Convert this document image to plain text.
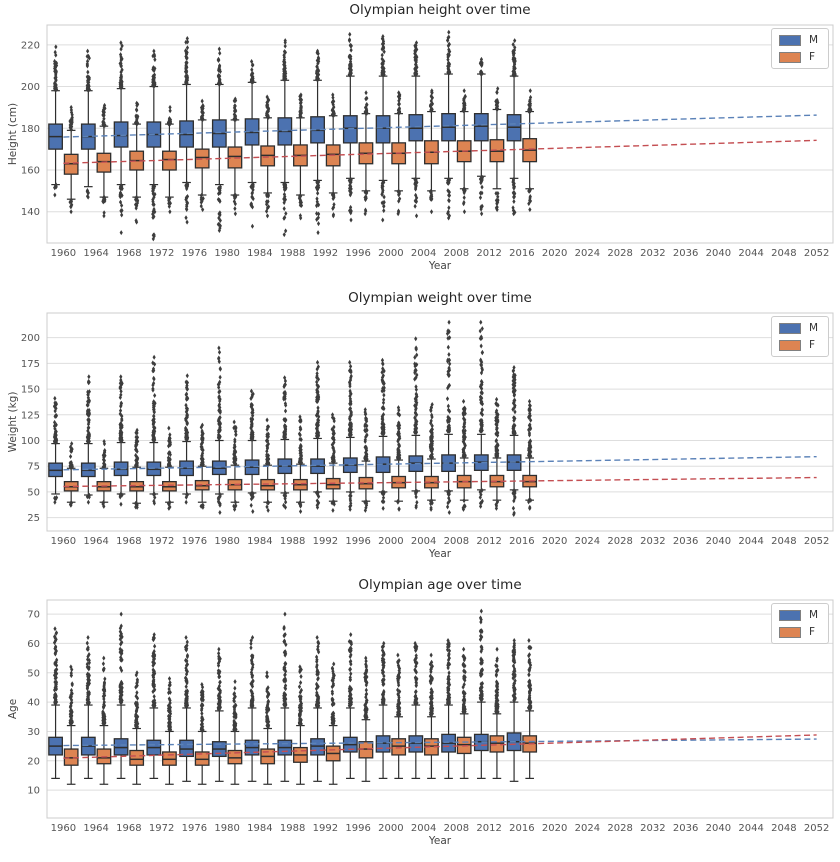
140
160
180
200
220
1960 1964 1968 1972 1976 1980 1984 1988 1992 1996 2000 2004 2008 2012 2016 2020 2024 2028 2032 2036 2040 2044 2048 2052
Olympian height over time
Height (cm)
Year
M
F
25
50
75
100
125
150
175
200
1960 1964 1968 1972 1976 1980 1984 1988 1992 1996 2000 2004 2008 2012 2016 2020 2024 2028 2032 2036 2040 2044 2048 2052
Olympian weight over time
Weight (kg)
Year
M
F
10
20
30
40
50
60
70
1960 1964 1968 1972 1976 1980 1984 1988 1992 1996 2000 2004 2008 2012 2016 2020 2024 2028 2032 2036 2040 2044 2048 2052
Olympian age over time
Age
Year
M
F
